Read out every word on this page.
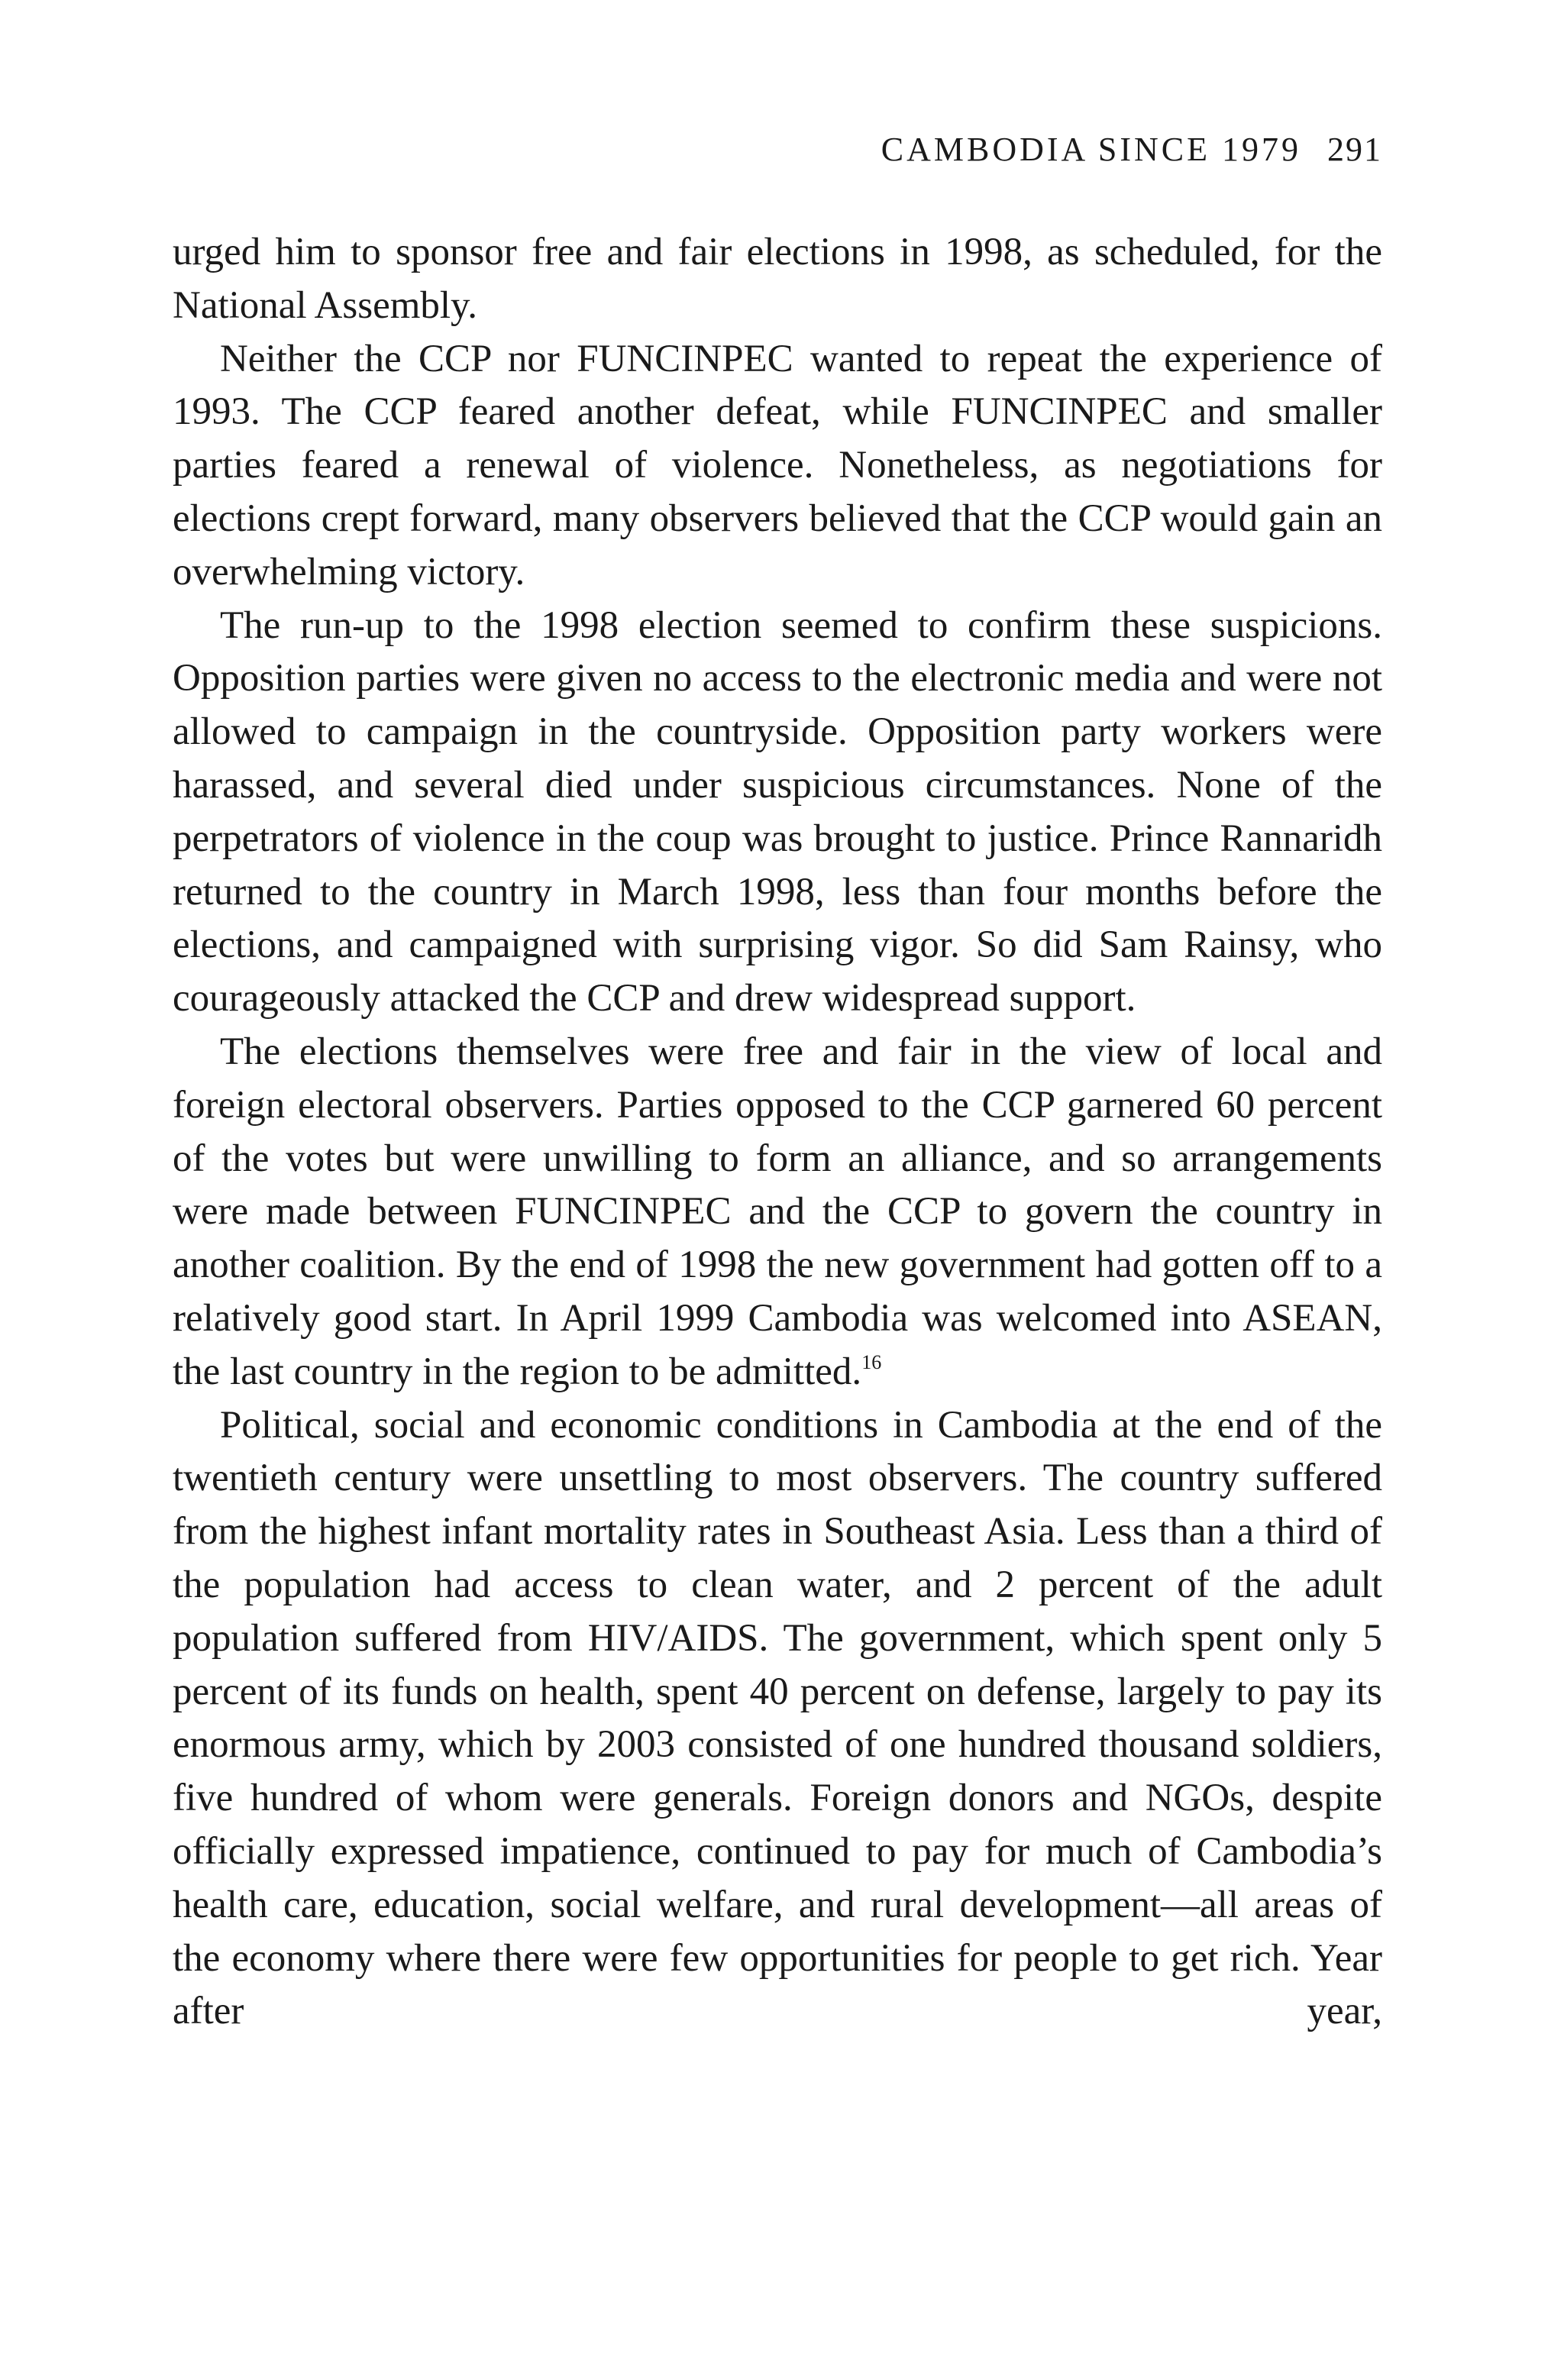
CAMBODIA SINCE 1979 291

urged him to sponsor free and fair elections in 1998, as scheduled, for the National Assembly.

Neither the CCP nor FUNCINPEC wanted to repeat the experience of 1993. The CCP feared another defeat, while FUNCINPEC and smaller parties feared a renewal of violence. Nonetheless, as negotiations for elections crept forward, many observers believed that the CCP would gain an overwhelming victory.

The run-up to the 1998 election seemed to confirm these suspicions. Opposition parties were given no access to the electronic media and were not allowed to campaign in the countryside. Opposition party workers were harassed, and several died under suspicious circumstances. None of the perpetrators of violence in the coup was brought to justice. Prince Rannaridh returned to the country in March 1998, less than four months before the elections, and campaigned with surprising vigor. So did Sam Rainsy, who courageously attacked the CCP and drew widespread support.

The elections themselves were free and fair in the view of local and foreign electoral observers. Parties opposed to the CCP garnered 60 percent of the votes but were unwilling to form an alliance, and so arrangements were made between FUNCINPEC and the CCP to govern the country in another coalition. By the end of 1998 the new government had gotten off to a relatively good start. In April 1999 Cambodia was welcomed into ASEAN, the last country in the region to be admitted.$^{16}$

Political, social and economic conditions in Cambodia at the end of the twentieth century were unsettling to most observers. The country suffered from the highest infant mortality rates in Southeast Asia. Less than a third of the population had access to clean water, and 2 percent of the adult population suffered from HIV/AIDS. The government, which spent only 5 percent of its funds on health, spent 40 percent on defense, largely to pay its enormous army, which by 2003 consisted of one hundred thousand soldiers, five hundred of whom were generals. Foreign donors and NGOs, despite officially expressed impatience, continued to pay for much of Cambodia’s health care, education, social welfare, and rural development—all areas of the economy where there were few opportunities for people to get rich. Year after year,
